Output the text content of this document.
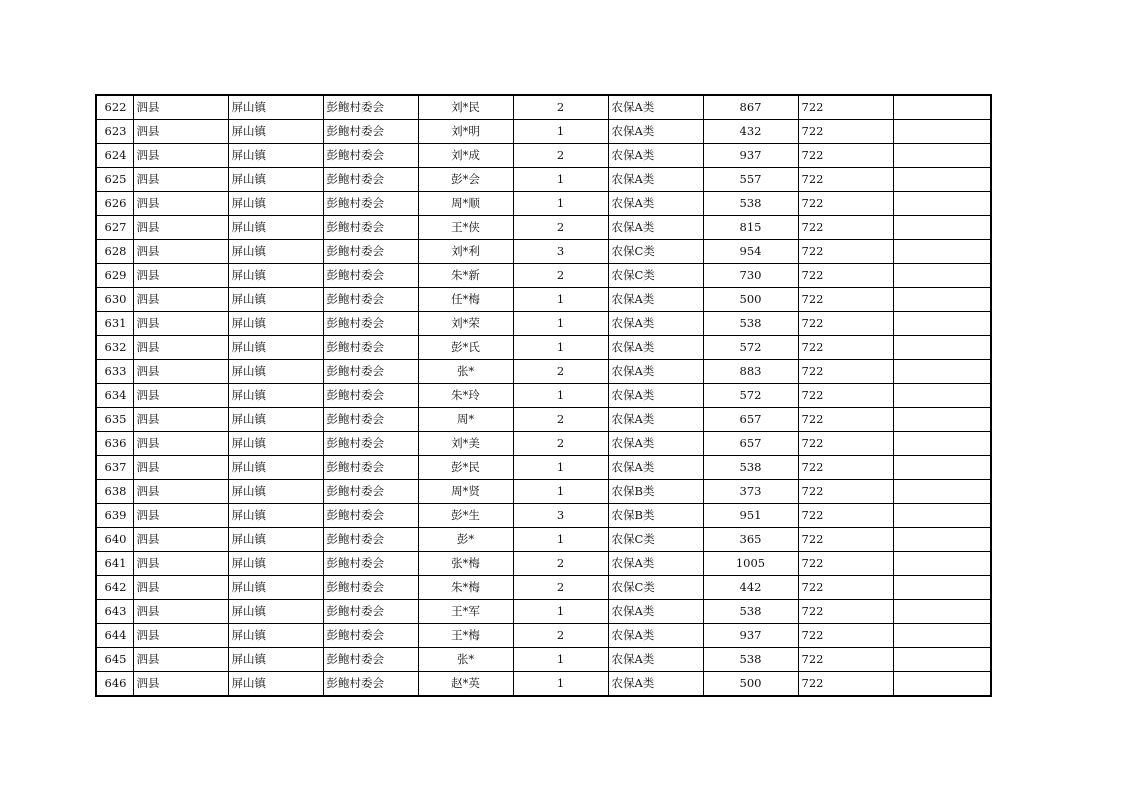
622	泗县	屏山镇	彭鲍村委会	刘*民	2	农保A类	867	722	
623	泗县	屏山镇	彭鲍村委会	刘*明	1	农保A类	432	722	
624	泗县	屏山镇	彭鲍村委会	刘*成	2	农保A类	937	722	
625	泗县	屏山镇	彭鲍村委会	彭*会	1	农保A类	557	722	
626	泗县	屏山镇	彭鲍村委会	周*顺	1	农保A类	538	722	
627	泗县	屏山镇	彭鲍村委会	王*侠	2	农保A类	815	722	
628	泗县	屏山镇	彭鲍村委会	刘*利	3	农保C类	954	722	
629	泗县	屏山镇	彭鲍村委会	朱*新	2	农保C类	730	722	
630	泗县	屏山镇	彭鲍村委会	任*梅	1	农保A类	500	722	
631	泗县	屏山镇	彭鲍村委会	刘*荣	1	农保A类	538	722	
632	泗县	屏山镇	彭鲍村委会	彭*氏	1	农保A类	572	722	
633	泗县	屏山镇	彭鲍村委会	张*	2	农保A类	883	722	
634	泗县	屏山镇	彭鲍村委会	朱*玲	1	农保A类	572	722	
635	泗县	屏山镇	彭鲍村委会	周*	2	农保A类	657	722	
636	泗县	屏山镇	彭鲍村委会	刘*美	2	农保A类	657	722	
637	泗县	屏山镇	彭鲍村委会	彭*民	1	农保A类	538	722	
638	泗县	屏山镇	彭鲍村委会	周*贤	1	农保B类	373	722	
639	泗县	屏山镇	彭鲍村委会	彭*生	3	农保B类	951	722	
640	泗县	屏山镇	彭鲍村委会	彭*	1	农保C类	365	722	
641	泗县	屏山镇	彭鲍村委会	张*梅	2	农保A类	1005	722	
642	泗县	屏山镇	彭鲍村委会	朱*梅	2	农保C类	442	722	
643	泗县	屏山镇	彭鲍村委会	王*军	1	农保A类	538	722	
644	泗县	屏山镇	彭鲍村委会	王*梅	2	农保A类	937	722	
645	泗县	屏山镇	彭鲍村委会	张*	1	农保A类	538	722	
646	泗县	屏山镇	彭鲍村委会	赵*英	1	农保A类	500	722	
